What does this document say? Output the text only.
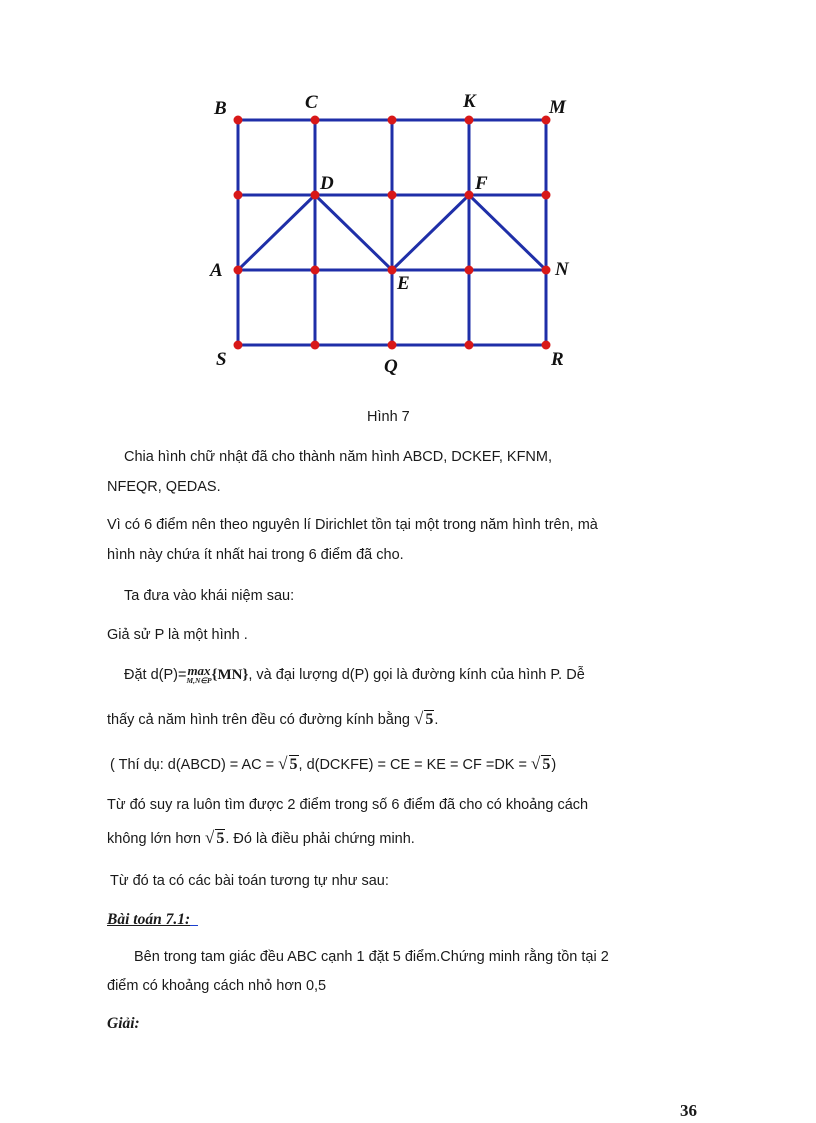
B	C	K	M
D	F
A
E
N
S	Q	R
Hình 7

Chia hình chữ nhật đã cho thành năm hình ABCD, DCKEF, KFNM,

NFEQR, QEDAS.

Vì có 6 điểm nên theo nguyên lí Dirichlet tồn tại một trong năm hình trên, mà

hình này chứa ít nhất hai trong 6 điểm đã cho.

Ta đưa vào khái niệm sau:

Giả sử P là một hình .

Đặt d(P)= max
M,N∈P {MN}, và đại lượng d(P) gọi là đường kính của hình P. Dễ

thấy cả năm hình trên đều có đường kính bằng √ 5.

( Thí dụ: d(ABCD) = AC = √ 5, d(DCKFE) = CE = KE = CF =DK = √ 5)

Từ đó suy ra luôn tìm được 2 điểm trong số 6 điểm đã cho có khoảng cách

không lớn hơn √ 5. Đó là điều phải chứng minh.

Từ đó ta có các bài toán tương tự như sau:

Bài toán 7.1:

Bên trong tam giác đều ABC cạnh 1 đặt 5 điểm.Chứng minh rằng tồn tại 2

điểm có khoảng cách nhỏ hơn 0,5

Giải:
36
